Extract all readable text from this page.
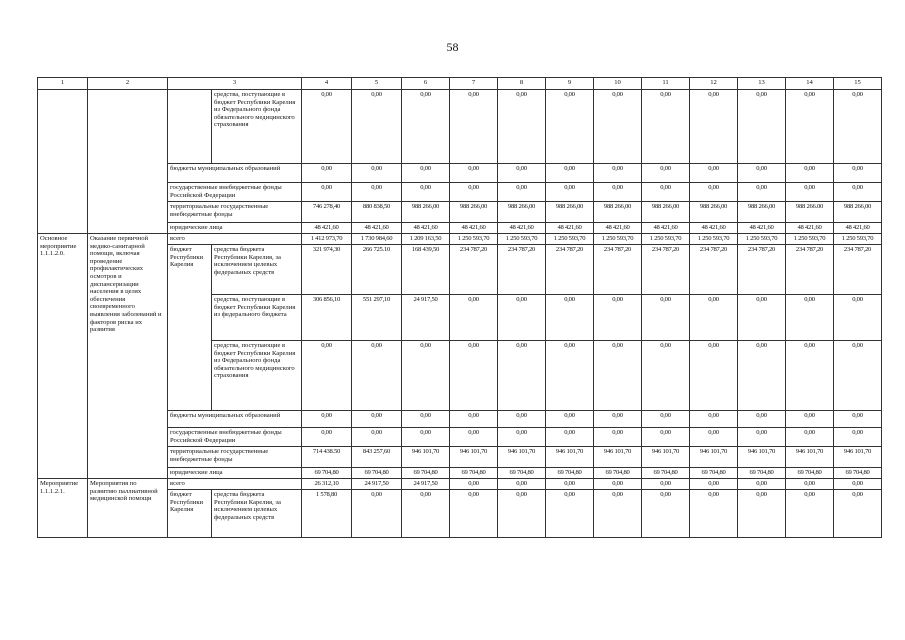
58
1	2	3		4	5	6	7	8	9	10	11	12	13	14	15
			средства, поступающие в бюджет Республики Карелия из Федерального фонда обязательного медицинского страхования	0,00	0,00	0,00	0,00	0,00	0,00	0,00	0,00	0,00	0,00	0,00	0,00
		бюджеты муниципальных образований		0,00	0,00	0,00	0,00	0,00	0,00	0,00	0,00	0,00	0,00	0,00	0,00
		государственные внебюджетные фонды Российской Федерации		0,00	0,00	0,00	0,00	0,00	0,00	0,00	0,00	0,00	0,00	0,00	0,00
		территориальные государственные внебюджетные фонды		746 278,40	880 838,50	988 266,00	988 266,00	988 266,00	988 266,00	988 266,00	988 266,00	988 266,00	988 266,00	988 266.00	988 266,00
		юридические лица		48 421,60	48 421,60	48 421,60	48 421,60	48 421,60	48 421,60	48 421,60	48 421,60	48 421,60	48 421,60	48 421,60	48 421,60
Основное мероприятие 1.1.1.2.0.	Оказание первичной медико-санитарной помощи, включая проведение профилактических осмотров и диспансеризации населения в целях обеспечения своевременного выявления заболеваний и факторов риска их развития	всего		1 412 973,70	1 730 984,60	1 209 163,50	1 250 593,70	1 250 593,70	1 250 593,70	1 250 593,70	1 250 593,70	1 250 593,70	1 250 593,70	1 250 593,70	1 250 593,70
		бюджет Республики Карелия	средства бюджета Республики Карелия, за исключением целевых федеральных средств	321 974,30	266 725.10	168 439,50	234 787,20	234 787,20	234 787,20	234 787,20	234 787,20	234 787,20	234 787,20	234 787,20	234 787,20
			средства, поступающие в бюджет Республики Карелия из федерального бюджета	306 856,10	551 297,10	24 917,50	0,00	0,00	0,00	0,00	0,00	0,00	0,00	0,00	0,00
			средства, поступающие в бюджет Республики Карелия из Федерального фонда обязательного медицинского страхования	0,00	0,00	0,00	0,00	0,00	0,00	0,00	0,00	0,00	0,00	0,00	0,00
		бюджеты муниципальных образований		0,00	0,00	0,00	0,00	0,00	0,00	0,00	0,00	0,00	0,00	0,00	0,00
		государственные внебюджетные фонды Российской Федерации		0,00	0,00	0,00	0,00	0,00	0,00	0,00	0,00	0,00	0,00	0,00	0,00
		территориальные государственные внебюджетные фонды		714 438.50	843 257,60	946 101,70	946 101,70	946 101,70	946 101,70	946 101,70	946 101,70	946 101,70	946 101,70	946 101,70	946 101,70
		юридические лица		69 704,80	69 704,80	69 704,80	69 704,80	69 704,80	69 704,80	69 704,80	69 704,80	69 704,80	69 704,80	69 704,80	69 704,80
Мероприятие 1.1.1.2.1.	Мероприятия по развитию паллиативной медицинской помощи	всего		26 312,10	24 917,50	24 917,50	0,00	0,00	0,00	0,00	0,00	0,00	0,00	0,00	0,00
		бюджет Республики Карелия	средства бюджета Республики Карелия, за исключением целевых федеральных средств	1 578,80	0,00	0,00	0,00	0,00	0,00	0,00	0,00	0,00	0,00	0,00	0,00
